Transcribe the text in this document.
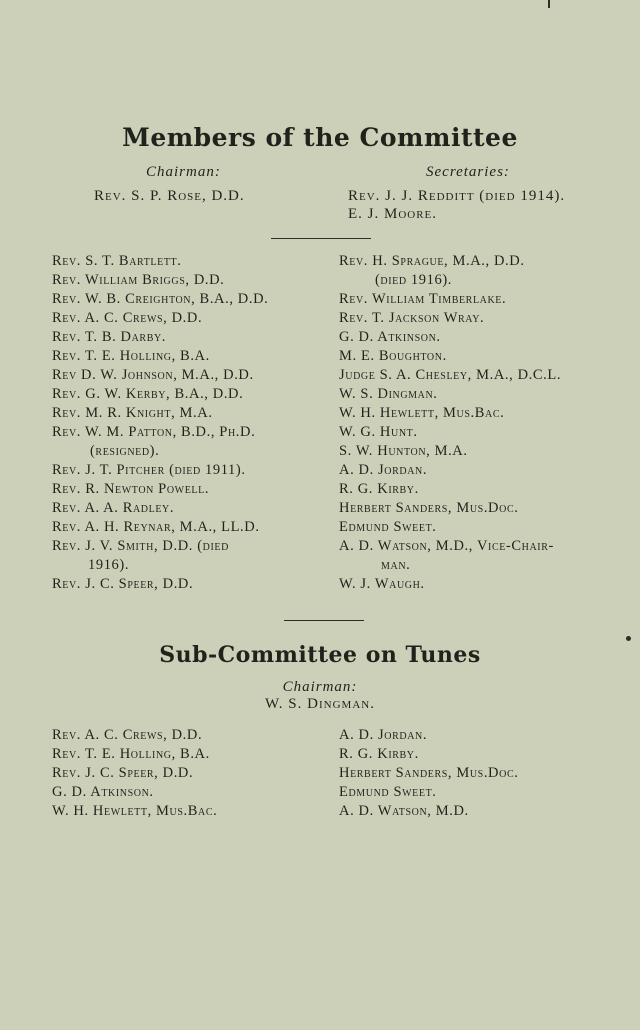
Members of the Committee
Chairman:
Rev. S. P. Rose, D.D.
Secretaries:
Rev. J. J. Redditt (died 1914).
E. J. Moore.
Rev. S. T. Bartlett.
Rev. William Briggs, D.D.
Rev. W. B. Creighton, B.A., D.D.
Rev. A. C. Crews, D.D.
Rev. T. B. Darby.
Rev. T. E. Holling, B.A.
Rev D. W. Johnson, M.A., D.D.
Rev. G. W. Kerby, B.A., D.D.
Rev. M. R. Knight, M.A.
Rev. W. M. Patton, B.D., Ph.D.
(resigned).
Rev. J. T. Pitcher (died 1911).
Rev. R. Newton Powell.
Rev. A. A. Radley.
Rev. A. H. Reynar, M.A., LL.D.
Rev. J. V. Smith, D.D. (died
1916).
Rev. J. C. Speer, D.D.
Rev. H. Sprague, M.A., D.D.
(died 1916).
Rev. William Timberlake.
Rev. T. Jackson Wray.
G. D. Atkinson.
M. E. Boughton.
Judge S. A. Chesley, M.A., D.C.L.
W. S. Dingman.
W. H. Hewlett, Mus.Bac.
W. G. Hunt.
S. W. Hunton, M.A.
A. D. Jordan.
R. G. Kirby.
Herbert Sanders, Mus.Doc.
Edmund Sweet.
A. D. Watson, M.D., Vice-Chair-
man.
W. J. Waugh.
Sub-Committee on Tunes
Chairman:
W. S. Dingman.
Rev. A. C. Crews, D.D.
Rev. T. E. Holling, B.A.
Rev. J. C. Speer, D.D.
G. D. Atkinson.
W. H. Hewlett, Mus.Bac.
A. D. Jordan.
R. G. Kirby.
Herbert Sanders, Mus.Doc.
Edmund Sweet.
A. D. Watson, M.D.
